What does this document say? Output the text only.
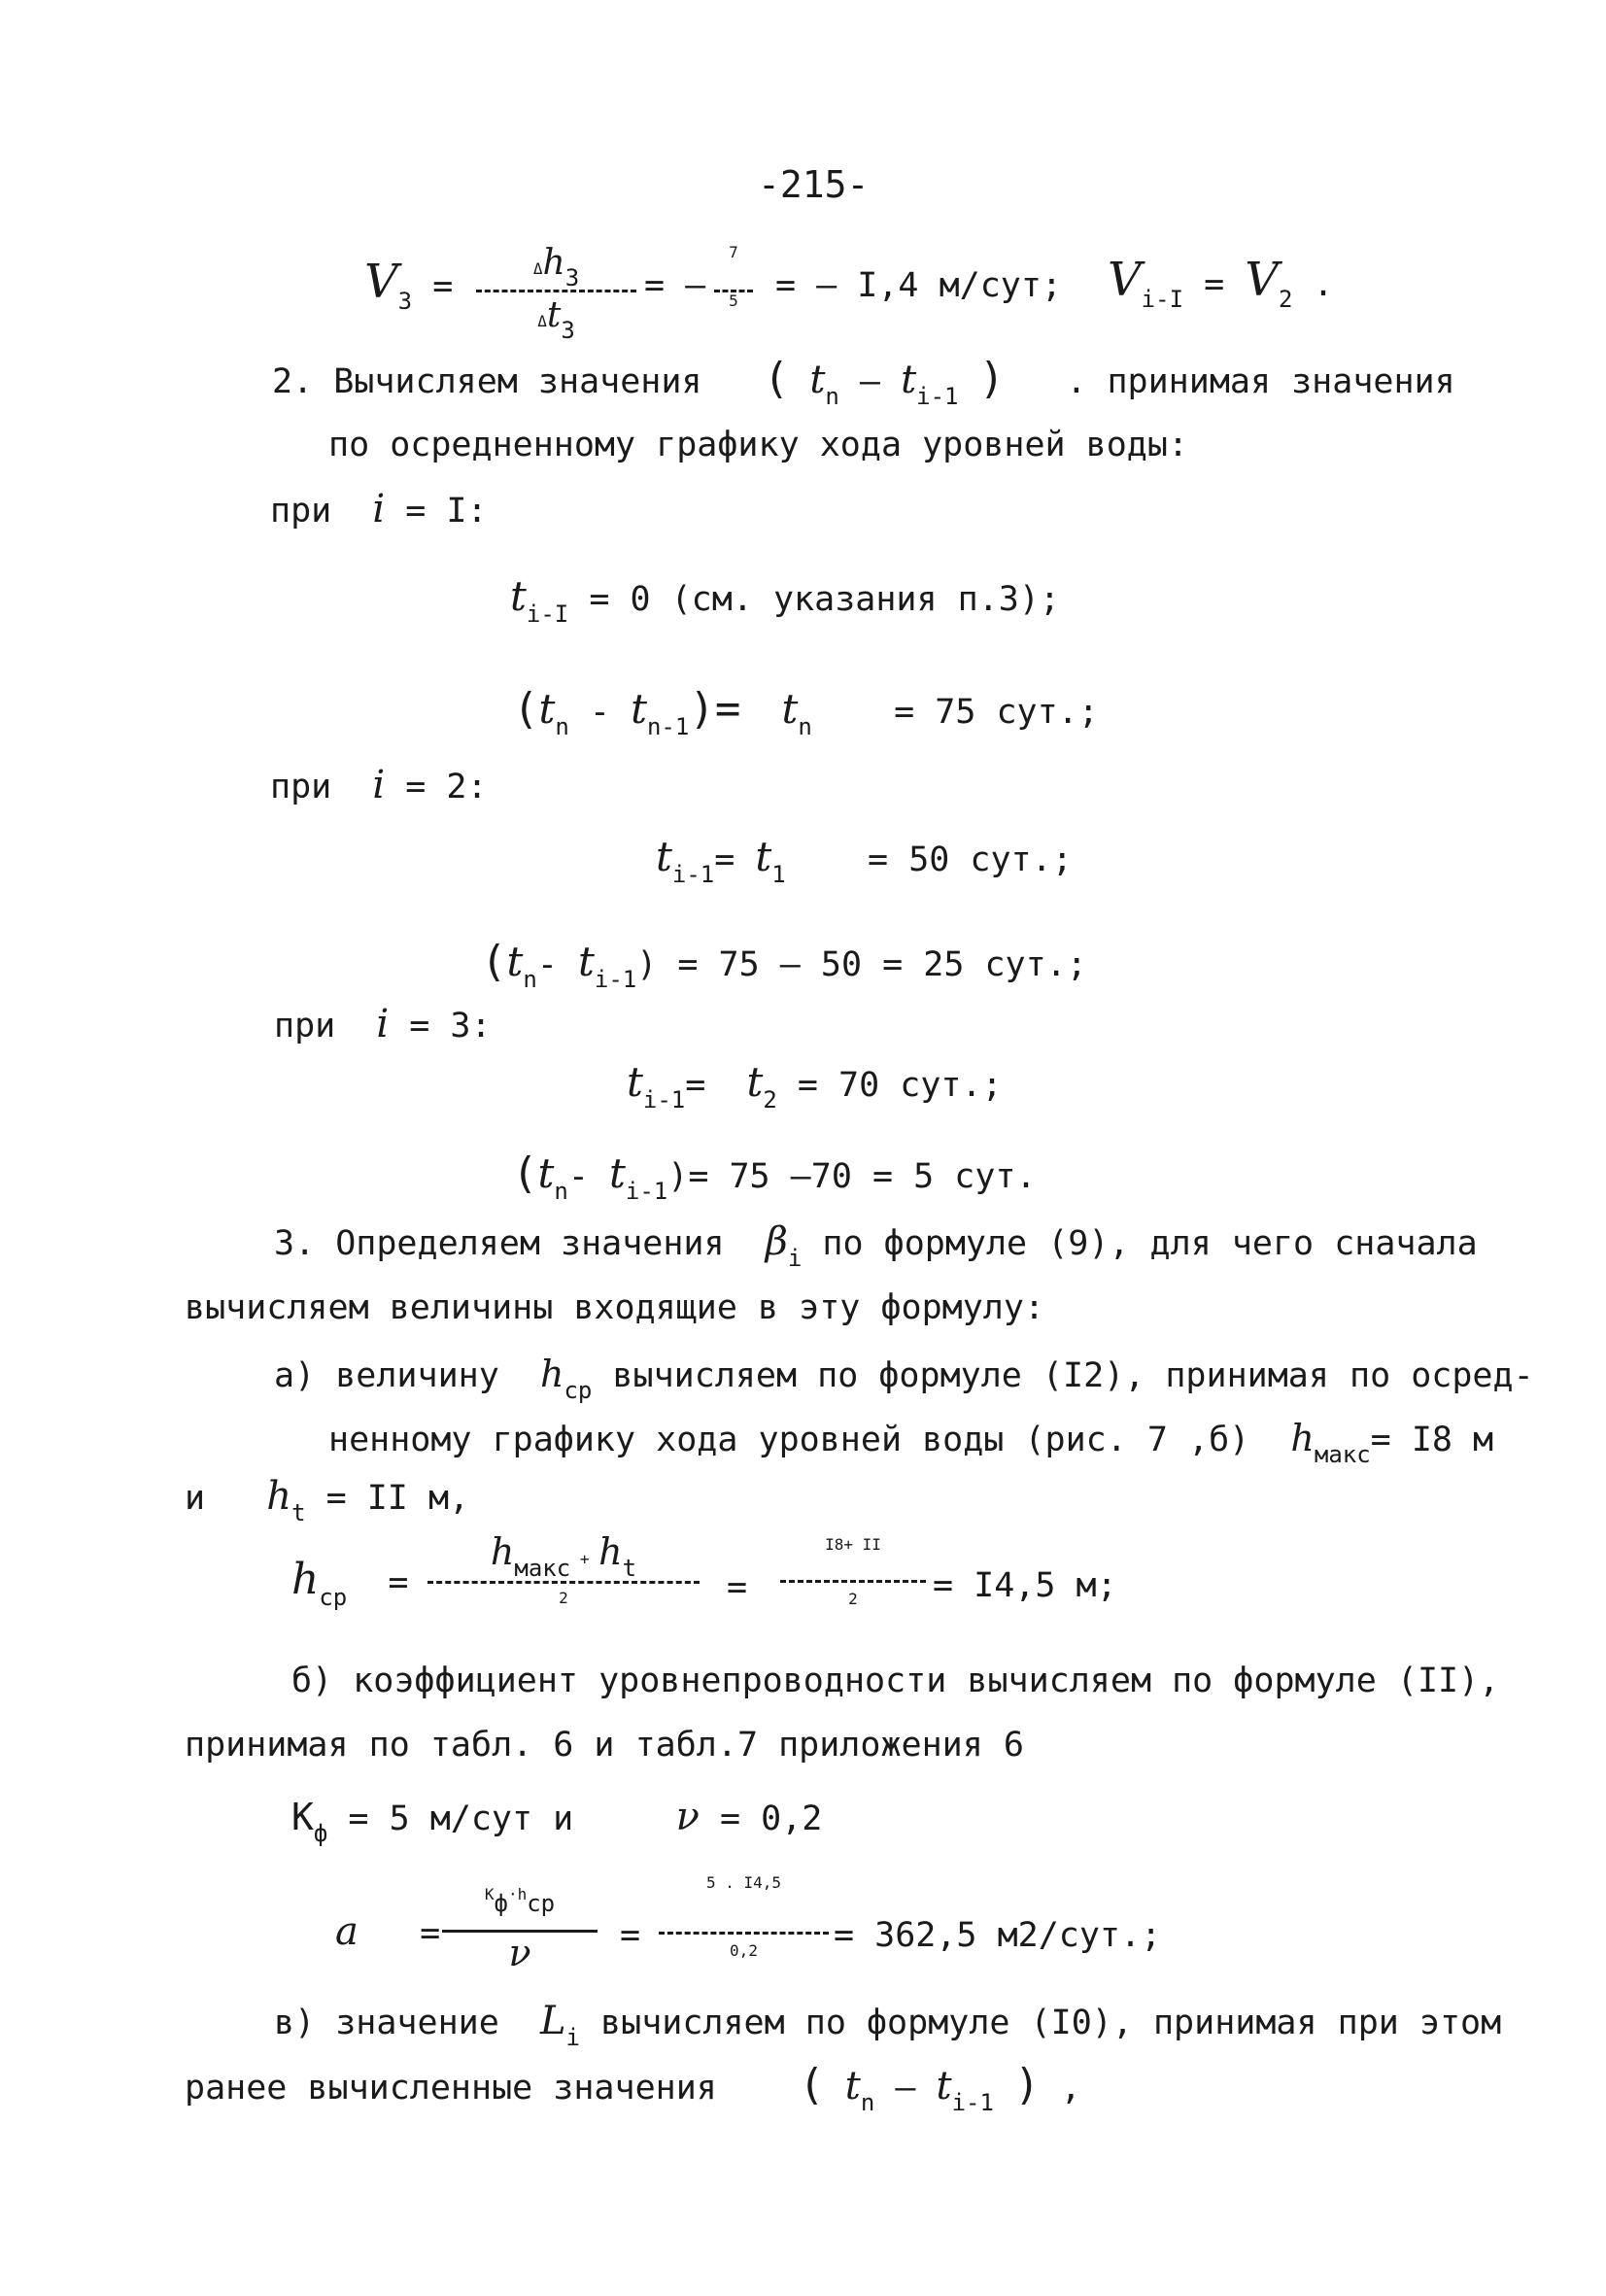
-215-
$V_3$ =	Δh3
Δt3
= –
7
5	= – I,4 м/сут; $V_{i-I} = V_2$ .
2. Вычисляем значения ( $t_n - t_{i-1}$ ) . принимая значения
по осредненному графику хода уровней воды:
при i = I:
$t_{i-I} = 0$ (см. указания п.3);
$(t_n - t_{n-1})= t_n = 75$ сут.;
при i = 2:
$t_{i-1}= t_1 = 50$ сут.;
($t_n-$ $t_{i-1}) = 75 - 50 = 25$ сут.;
при i = 3:
$t_{i-1}= t_2 = 70$ сут.;
($t_n-$ $t_{i-1})= 75$ –70 = 5 сут.
3. Определяем значения $\beta_i$ по формуле (9), для чего сначала
вычисляем величины входящие в эту формулу:
а) величину $h_{ср}$ вычисляем по формуле (I2), принимая по осред-
ненному графику хода уровней воды (рис. 7 ,б) $h_{макс}= I8$ м
и $h_t$ = II м,
$h_{ср}$ =
hмакс + ht
2	=
I8+ II
2	= I4,5 м;
б) коэффициент уровнепроводности вычисляем по формуле (II),
принимая по табл. 6 и табл.7 приложения 6
$К_ф = 5$ м/сут и	ν = 0,2
а =
Кф·hср
ν	=
5 . I4,5
0,2	= 362,5 м2/сут.;
в) значение $L_i$ вычисляем по формуле (I0), принимая при этом
ранее вычисленные значения ( $t_n - t_{i-1}$ ) ,
